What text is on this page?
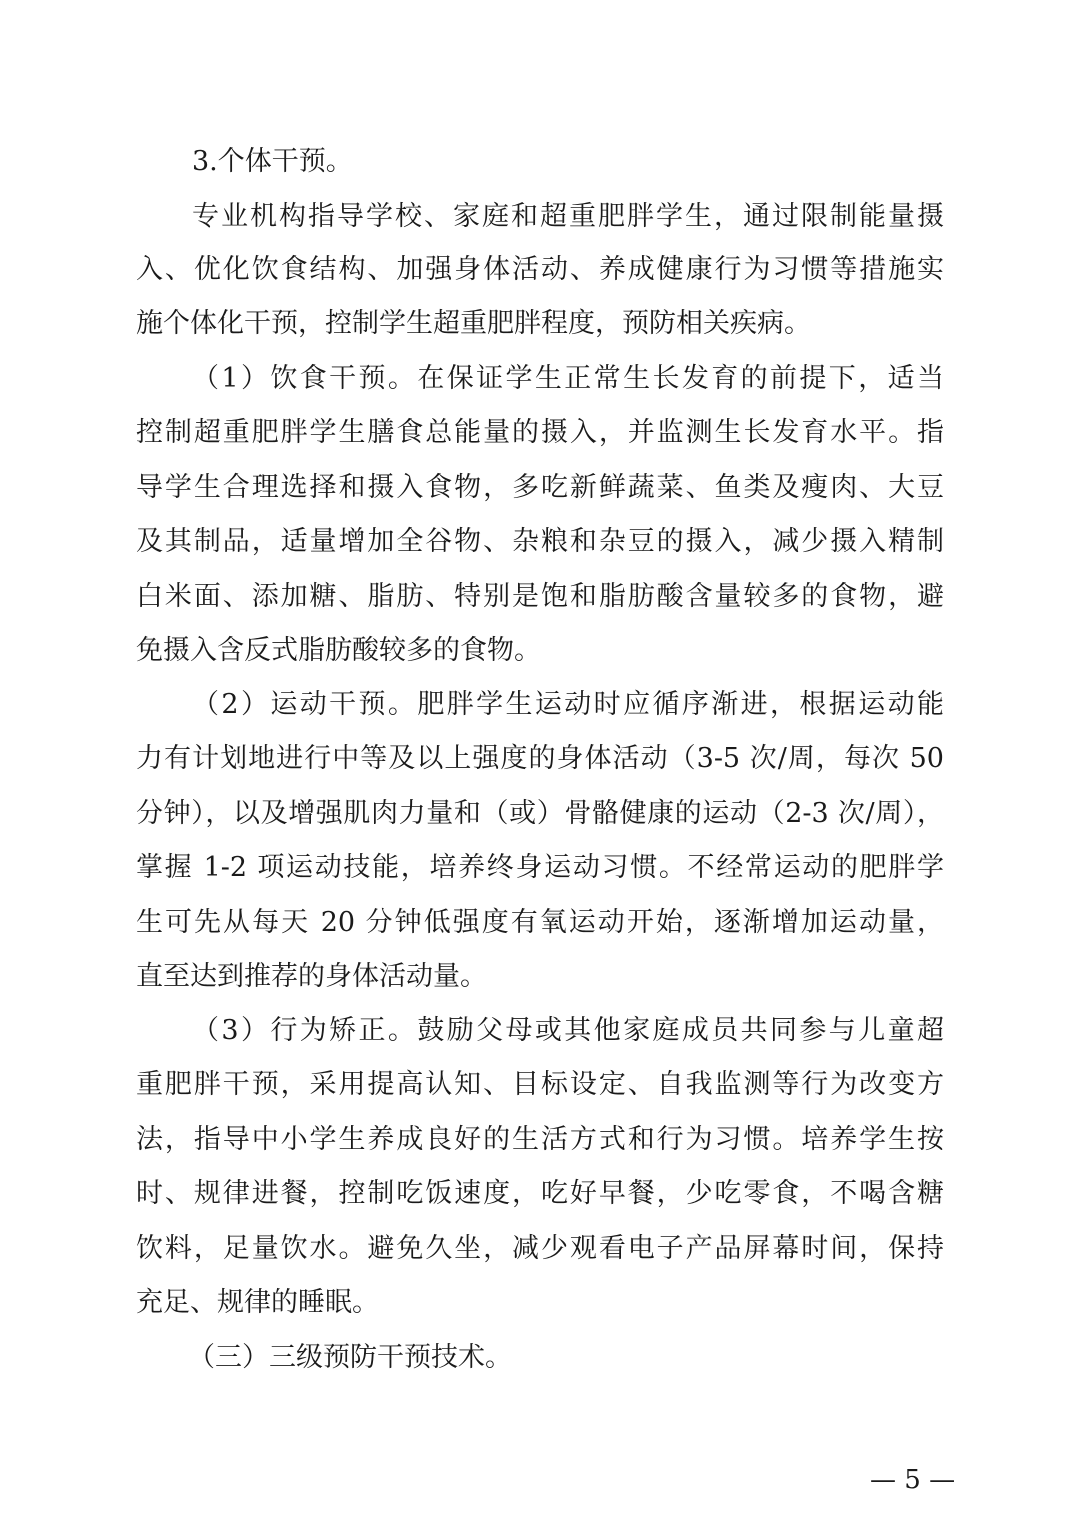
3.个体干预。
专业机构指导学校、家庭和超重肥胖学生，通过限制能量摄
入、优化饮食结构、加强身体活动、养成健康行为习惯等措施实
施个体化干预，控制学生超重肥胖程度，预防相关疾病。
（1）饮食干预。在保证学生正常生长发育的前提下，适当
控制超重肥胖学生膳食总能量的摄入，并监测生长发育水平。指
导学生合理选择和摄入食物，多吃新鲜蔬菜、鱼类及瘦肉、大豆
及其制品，适量增加全谷物、杂粮和杂豆的摄入，减少摄入精制
白米面、添加糖、脂肪、特别是饱和脂肪酸含量较多的食物，避
免摄入含反式脂肪酸较多的食物。
（2）运动干预。肥胖学生运动时应循序渐进，根据运动能
力有计划地进行中等及以上强度的身体活动（3-5 次/周，每次 50
分钟），以及增强肌肉力量和（或）骨骼健康的运动（2-3 次/周），
掌握 1-2 项运动技能，培养终身运动习惯。不经常运动的肥胖学
生可先从每天 20 分钟低强度有氧运动开始，逐渐增加运动量，
直至达到推荐的身体活动量。
（3）行为矫正。鼓励父母或其他家庭成员共同参与儿童超
重肥胖干预，采用提高认知、目标设定、自我监测等行为改变方
法，指导中小学生养成良好的生活方式和行为习惯。培养学生按
时、规律进餐，控制吃饭速度，吃好早餐，少吃零食，不喝含糖
饮料，足量饮水。避免久坐，减少观看电子产品屏幕时间，保持
充足、规律的睡眠。
（三）三级预防干预技术。
— 5 —
